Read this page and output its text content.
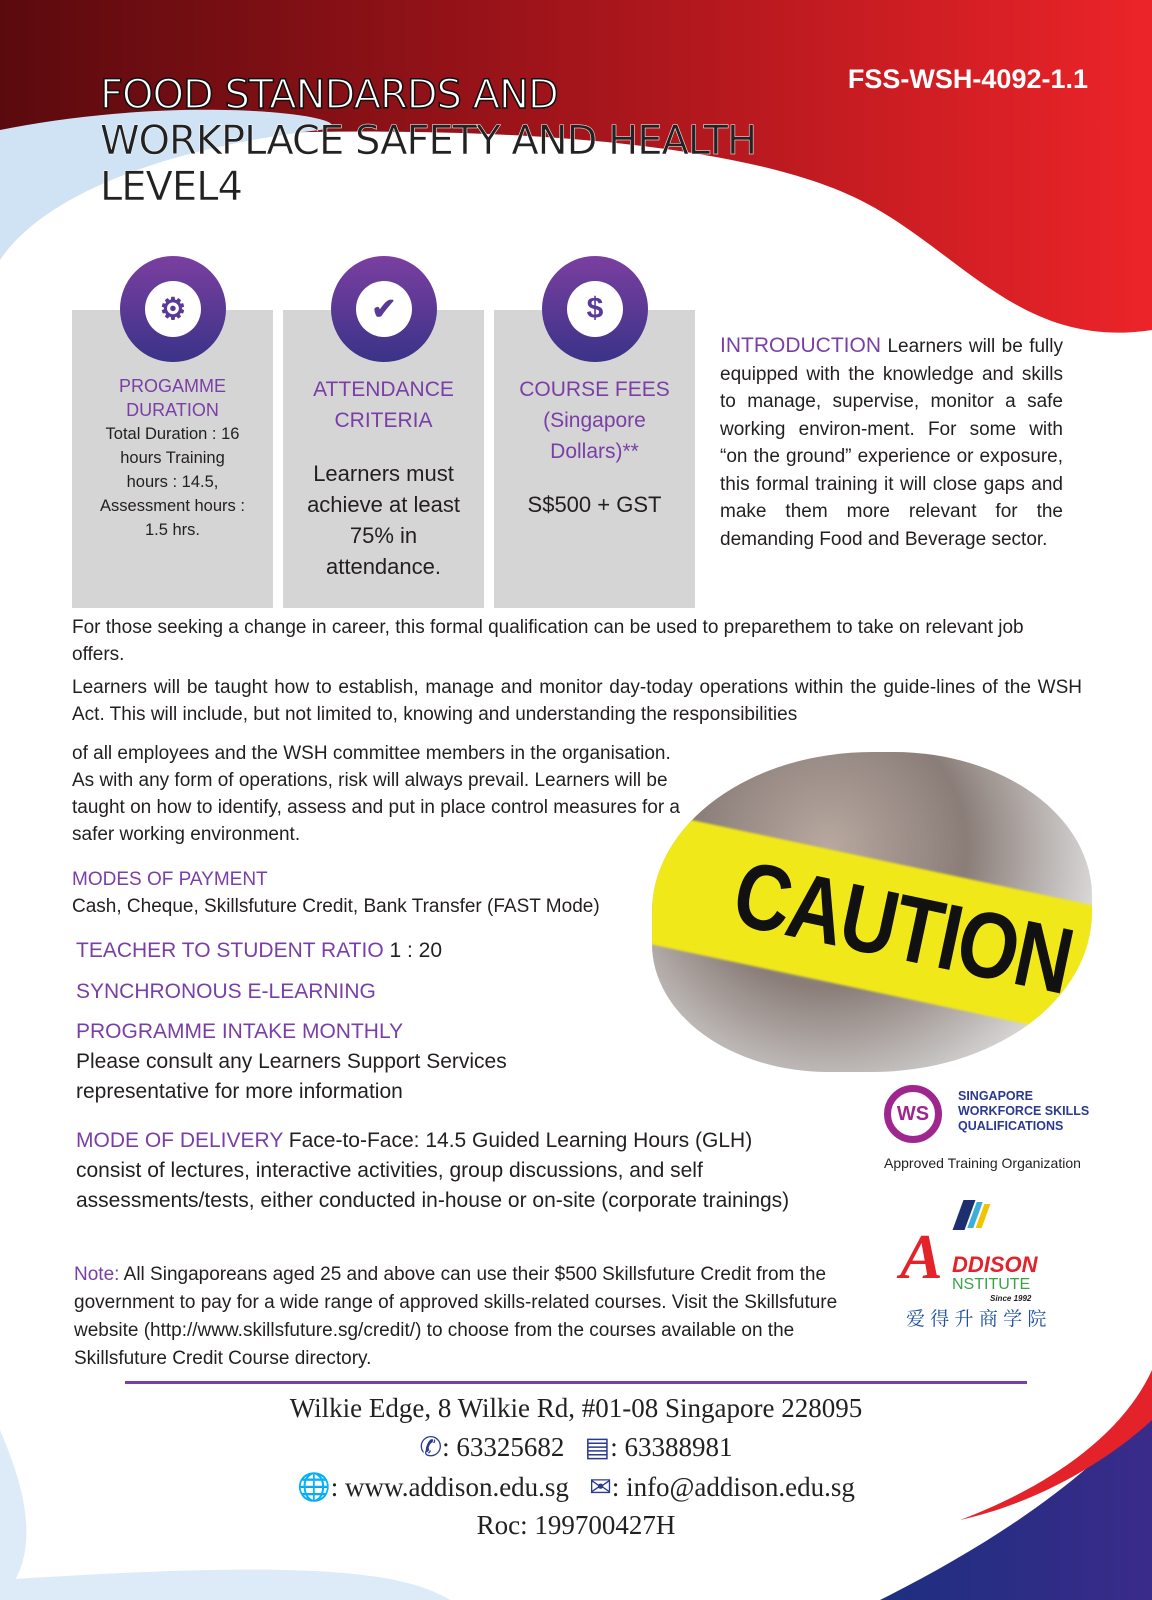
FOOD STANDARDS AND
WORKPLACE SAFETY AND HEALTH
LEVEL4
FSS-WSH-4092-1.1
PROGAMME
DURATION
Total Duration : 16
hours Training
hours : 14.5,
Assessment hours :
1.5 hrs.
ATTENDANCE
CRITERIA
Learners must
achieve at least
75% in
attendance.
COURSE FEES
(Singapore
Dollars)**
S$500 + GST
⚙	✔	$
INTRODUCTION Learners will be fully equipped with the knowledge and skills to manage, supervise, monitor a safe working environ-ment. For some with “on the ground” experience or exposure, this formal training it will close gaps and make them more relevant for the demanding Food and Beverage sector.
For those seeking a change in career, this formal qualification can be used to preparethem to take on relevant job offers.
Learners will be taught how to establish, manage and monitor day-today operations within the guide-lines of the WSH Act. This will include, but not limited to, knowing and understanding the responsibilities
of all employees and the WSH committee members in the organisation. As with any form of operations, risk will always prevail. Learners will be taught on how to identify, assess and put in place control measures for a safer working environment.
CAUTION
MODES OF PAYMENT
Cash, Cheque, Skillsfuture Credit, Bank Transfer (FAST Mode)
TEACHER TO STUDENT RATIO 1 : 20
SYNCHRONOUS E-LEARNING
PROGRAMME INTAKE MONTHLY
Please consult any Learners Support Services representative for more information
MODE OF DELIVERY Face-to-Face: 14.5 Guided Learning Hours (GLH) consist of lectures, interactive activities, group discussions, and self assessments/tests, either conducted in-house or on-site (corporate trainings)
Note: All Singaporeans aged 25 and above can use their $500 Skillsfuture Credit from the government to pay for a wide range of approved skills-related courses. Visit the Skillsfuture website (http://www.skillsfuture.sg/credit/) to choose from the courses available on the Skillsfuture Credit Course directory.
WS
SINGAPORE
WORKFORCE SKILLS
QUALIFICATIONS
Approved Training Organization
A DDISON
NSTITUTE
Since 1992
爱 得 升 商 学 院
Wilkie Edge, 8 Wilkie Rd, #01-08 Singapore 228095
✆: 63325682 ▤: 63388981
🌐: www.addison.edu.sg ✉: info@addison.edu.sg
Roc: 199700427H
